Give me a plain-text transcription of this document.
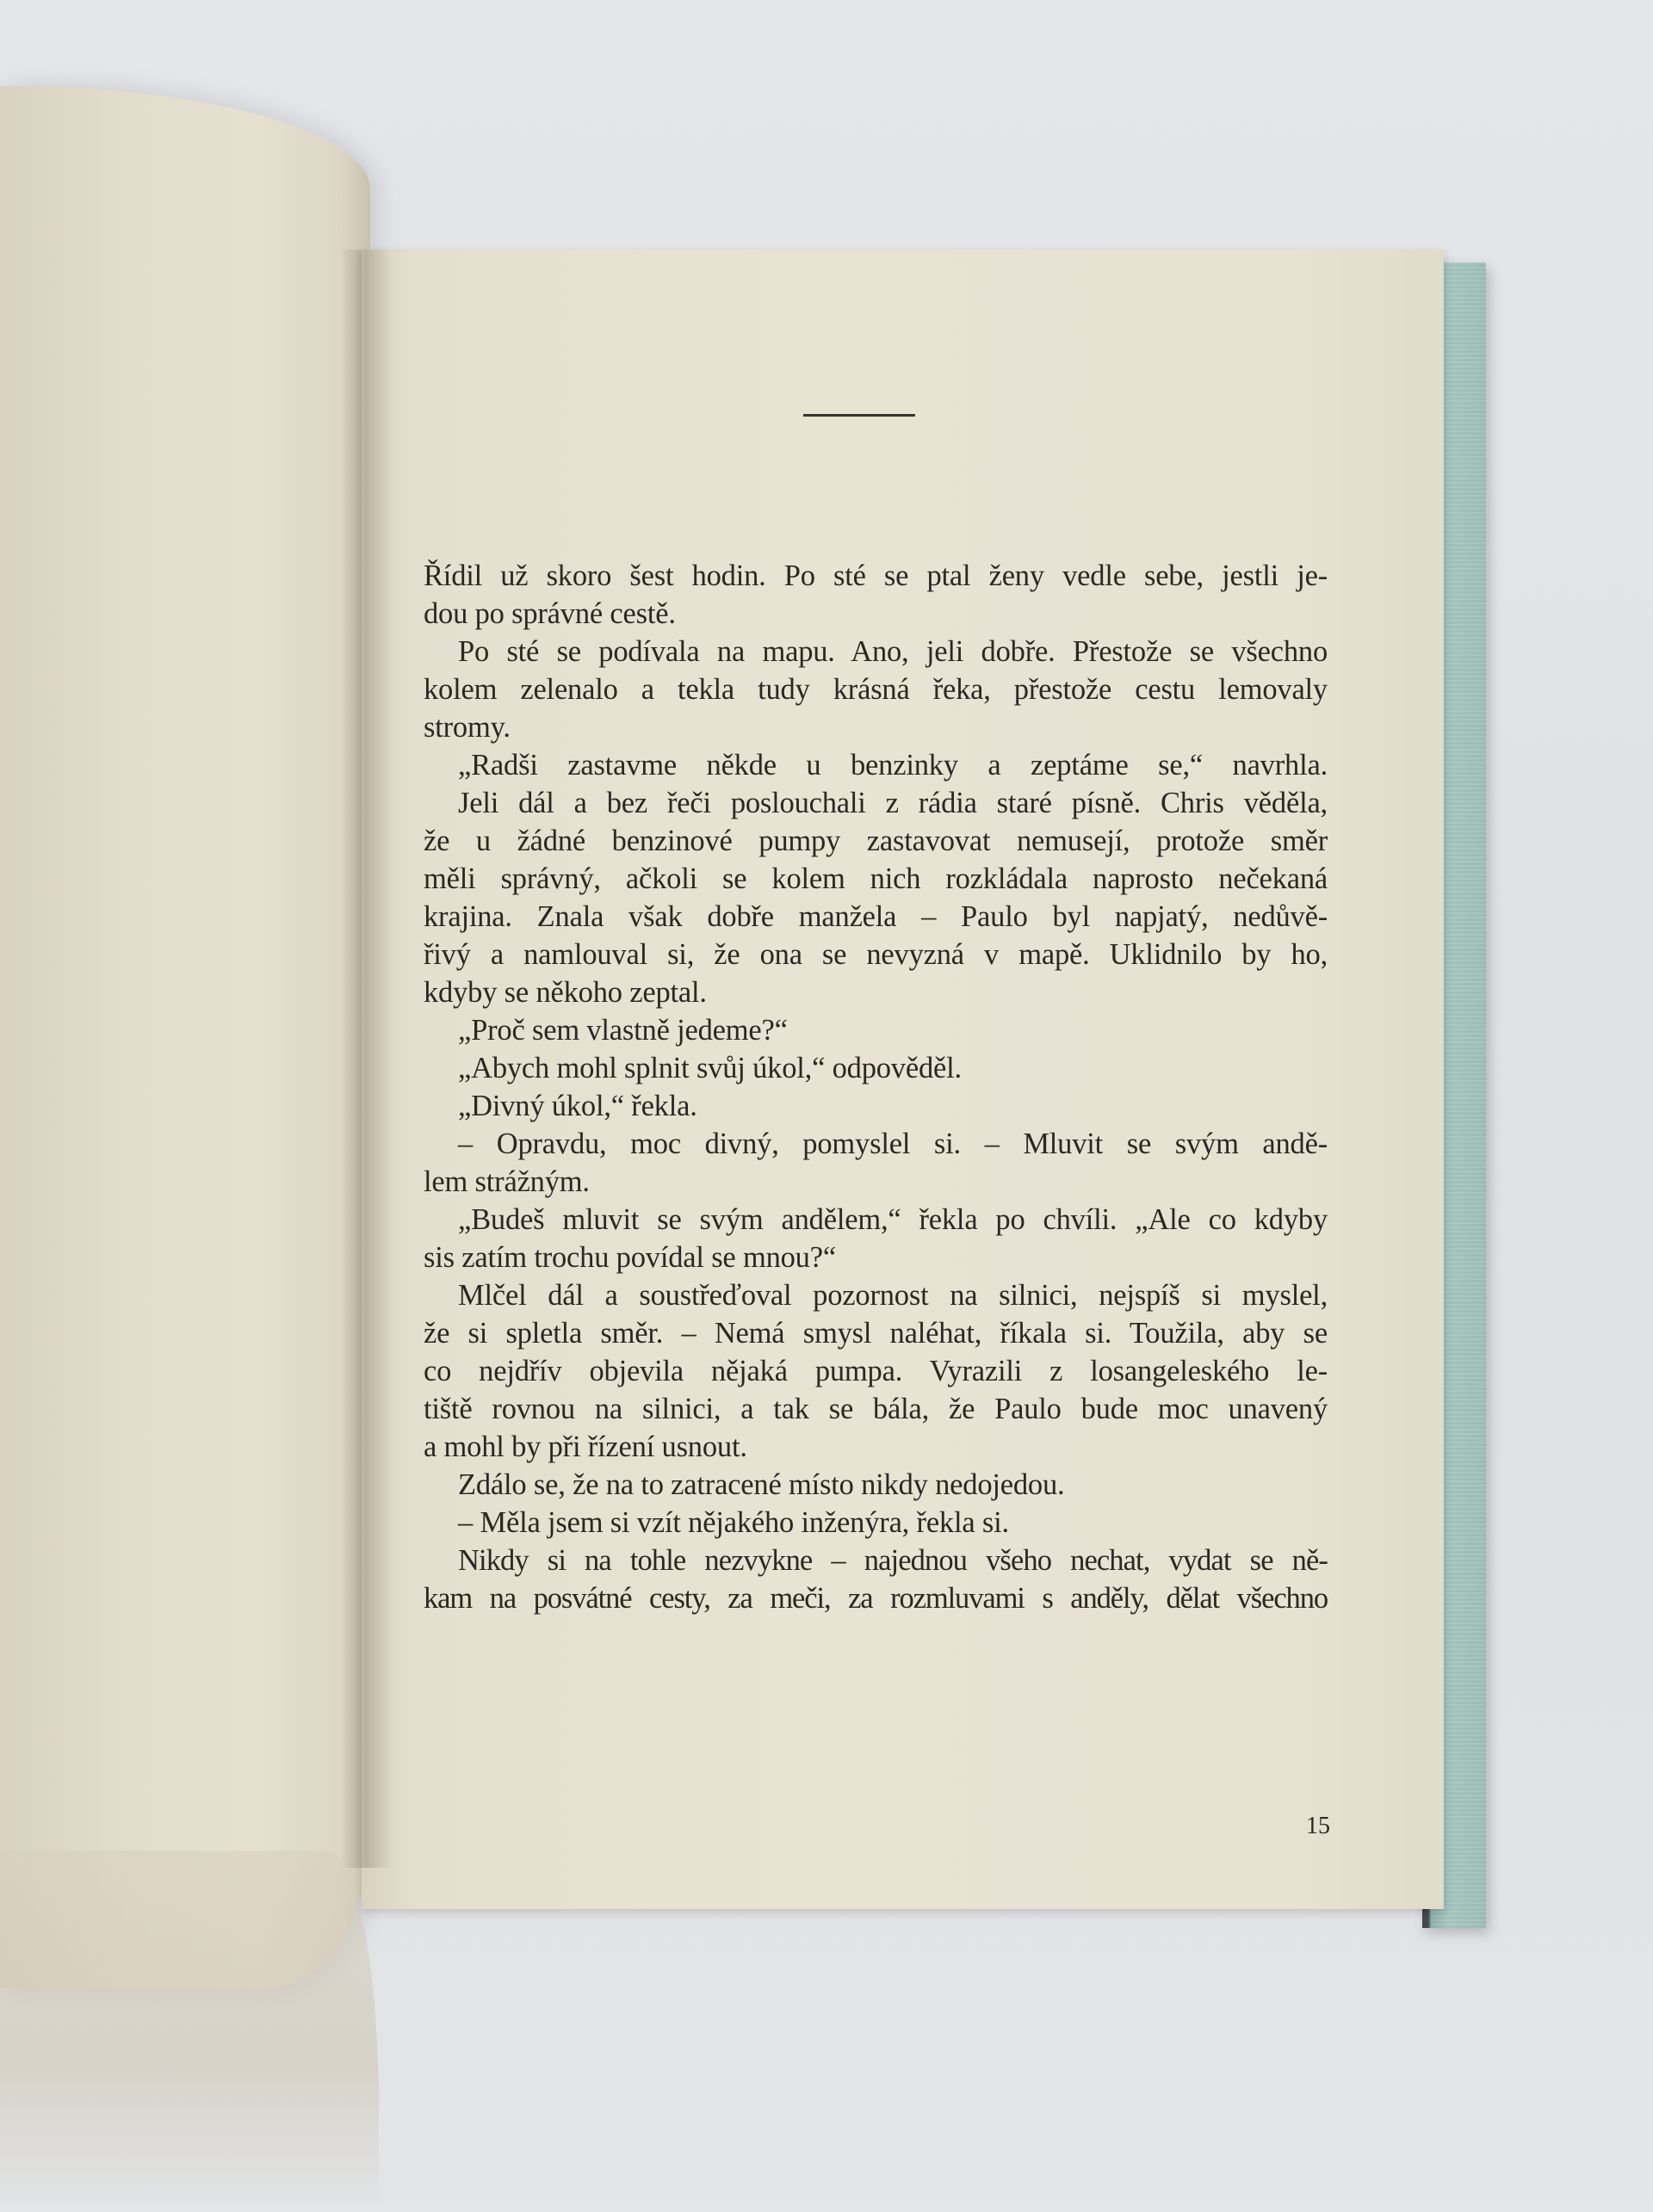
Řídil už skoro šest hodin. Po sté se ptal ženy vedle sebe, jestli je-
dou po správné cestě.
Po sté se podívala na mapu. Ano, jeli dobře. Přestože se všechno
kolem zelenalo a tekla tudy krásná řeka, přestože cestu lemovaly
stromy.
„Radši zastavme někde u benzinky a zeptáme se,“ navrhla.
Jeli dál a bez řeči poslouchali z rádia staré písně. Chris věděla,
že u žádné benzinové pumpy zastavovat nemusejí, protože směr
měli správný, ačkoli se kolem nich rozkládala naprosto nečekaná
krajina. Znala však dobře manžela – Paulo byl napjatý, nedůvě-
řivý a namlouval si, že ona se nevyzná v mapě. Uklidnilo by ho,
kdyby se někoho zeptal.
„Proč sem vlastně jedeme?“
„Abych mohl splnit svůj úkol,“ odpověděl.
„Divný úkol,“ řekla.
– Opravdu, moc divný, pomyslel si. – Mluvit se svým andě-
lem strážným.
„Budeš mluvit se svým andělem,“ řekla po chvíli. „Ale co kdyby
sis zatím trochu povídal se mnou?“
Mlčel dál a soustřeďoval pozornost na silnici, nejspíš si myslel,
že si spletla směr. – Nemá smysl naléhat, říkala si. Toužila, aby se
co nejdřív objevila nějaká pumpa. Vyrazili z losangeleského le-
tiště rovnou na silnici, a tak se bála, že Paulo bude moc unavený
a mohl by při řízení usnout.
Zdálo se, že na to zatracené místo nikdy nedojedou.
– Měla jsem si vzít nějakého inženýra, řekla si.
Nikdy si na tohle nezvykne – najednou všeho nechat, vydat se ně-
kam na posvátné cesty, za meči, za rozmluvami s anděly, dělat všechno
15
